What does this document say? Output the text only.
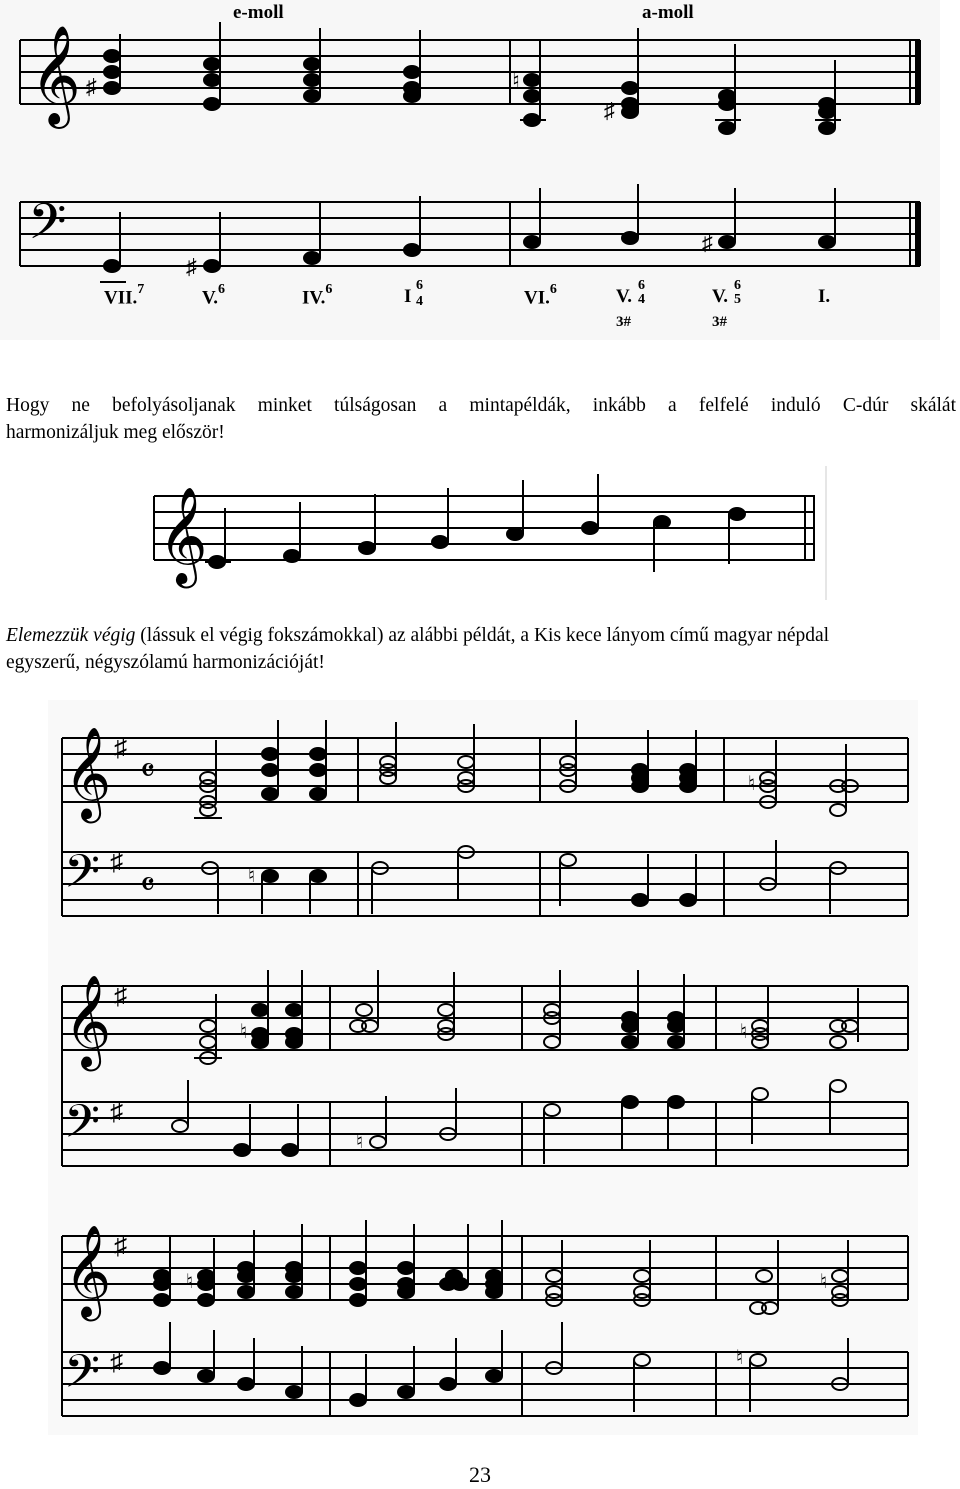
𝄞
𝄢
♯	♮
♯
♯
♯
e-moll	a-moll
VII.$^7$	V.$^6$	IV.$^6$	I
6
4	VI.$^6$	V.
6
4
3#
V.
6
5
3#
I.
Hogy ne befolyásoljanak minket túlságosan a mintapéldák, inkább a felfelé induló C-dúr skálát
harmonizáljuk meg először!
𝄞
Elemezzük végig (lássuk el végig fokszámokkal) az alábbi példát, a Kis kece lányom című magyar népdal
egyszerű, négyszólamú harmonizációját!
𝄞
𝄢
♯
♯
𝄴
𝄴
𝄞
𝄢
♯
♯
𝄞
𝄢
♯
♯
♮
♮
♮	♮
♮
♮	♮
♮
23
